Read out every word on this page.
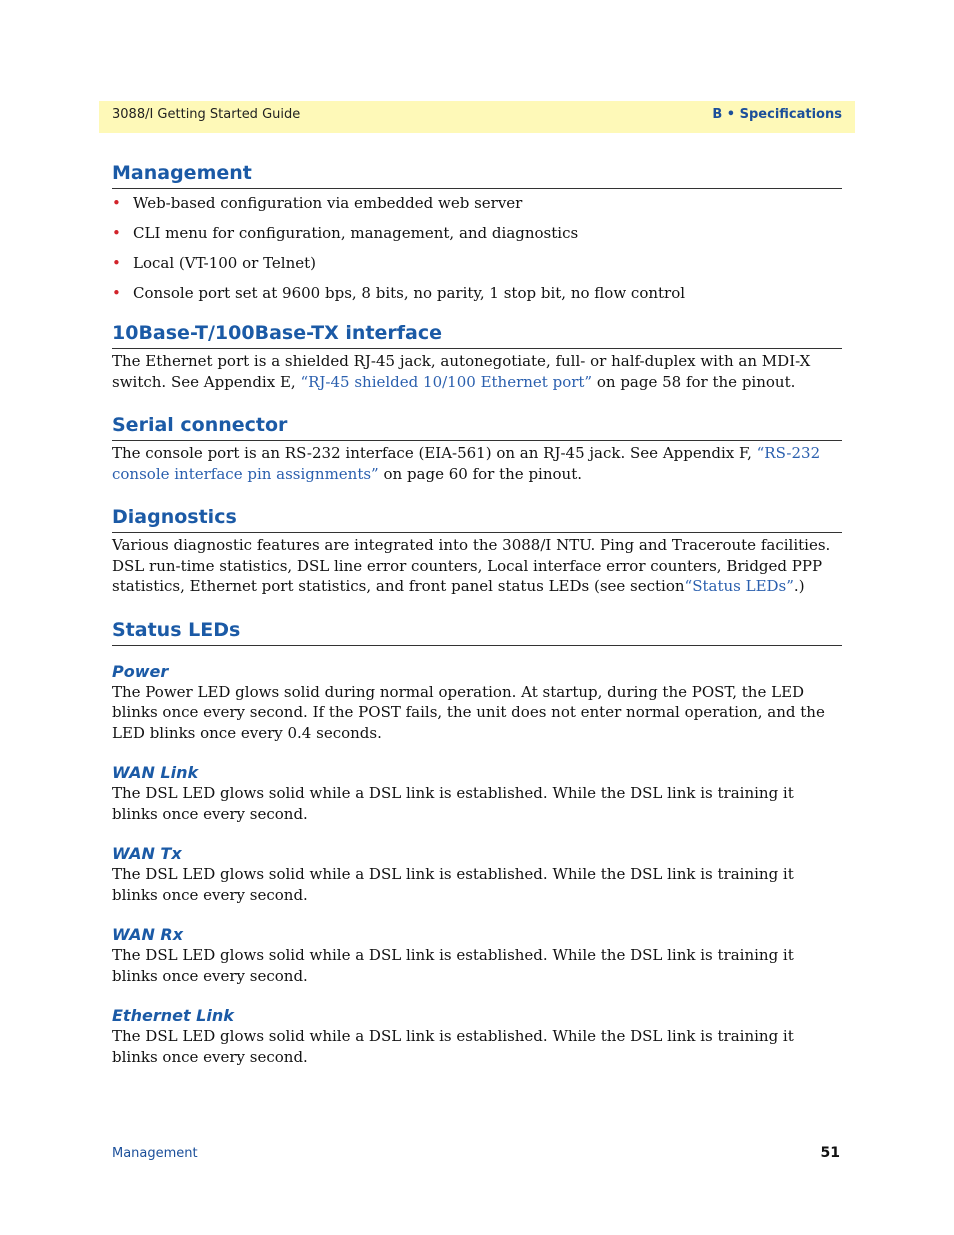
3088/I Getting Started Guide	B • Specifications
Management
• Web-based configuration via embedded web server
• CLI menu for configuration, management, and diagnostics
• Local (VT-100 or Telnet)
• Console port set at 9600 bps, 8 bits, no parity, 1 stop bit, no flow control
10Base-T/100Base-TX interface

The Ethernet port is a shielded RJ-45 jack, autonegotiate, full- or half-duplex with an MDI-X switch. See Appendix E, “RJ-45 shielded 10/100 Ethernet port” on page 58 for the pinout.

Serial connector

The console port is an RS-232 interface (EIA-561) on an RJ-45 jack. See Appendix F, “RS-232 console interface pin assignments” on page 60 for the pinout.

Diagnostics

Various diagnostic features are integrated into the 3088/I NTU. Ping and Traceroute facilities. DSL run-time statistics, DSL line error counters, Local interface error counters, Bridged PPP statistics, Ethernet port statistics, and front panel status LEDs (see section“Status LEDs”.)

Status LEDs
Power

The Power LED glows solid during normal operation. At startup, during the POST, the LED blinks once every second. If the POST fails, the unit does not enter normal operation, and the LED blinks once every 0.4 seconds.

WAN Link

The DSL LED glows solid while a DSL link is established. While the DSL link is training it blinks once every second.

WAN Tx

The DSL LED glows solid while a DSL link is established. While the DSL link is training it blinks once every second.

WAN Rx

The DSL LED glows solid while a DSL link is established. While the DSL link is training it blinks once every second.

Ethernet Link

The DSL LED glows solid while a DSL link is established. While the DSL link is training it blinks once every second.

Management	51
